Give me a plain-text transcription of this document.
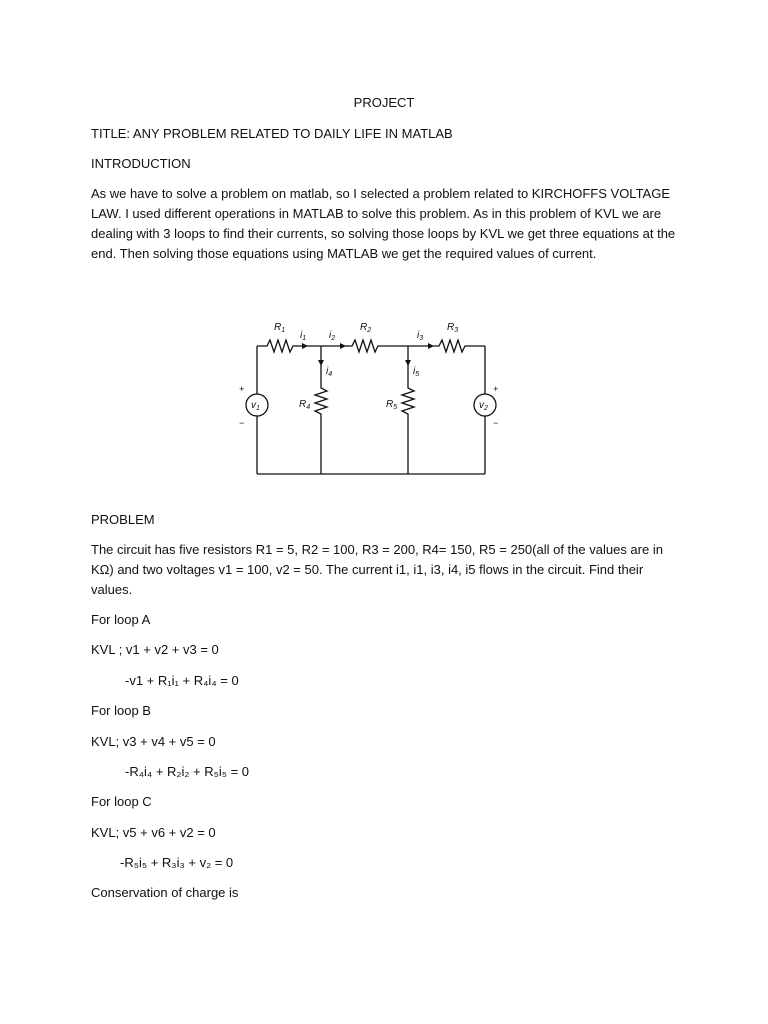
PROJECT
TITLE: ANY PROBLEM RELATED TO DAILY LIFE IN MATLAB
INTRODUCTION
As we have to solve a problem on matlab, so I selected a problem related to KIRCHOFFS VOLTAGE LAW. I used different operations in MATLAB to solve this problem. As in this problem of KVL we are dealing with 3 loops to find their currents, so solving those loops by KVL we get three equations at the end. Then solving those equations using MATLAB we get the required values of current.
$R_1$	$R_2$	$R_3$
$R_4$	$R_5$
$i_1$ $i_2$	$i_3$
$i_4$	$i_5$
$v_1$	$v_2$
+
−
+
−
PROBLEM
The circuit has five resistors R1 = 5, R2 = 100, R3 = 200, R4= 150, R5 = 250(all of the values are in KΩ) and two voltages v1 = 100, v2 = 50. The current i1, i1, i3, i4, i5 flows in the circuit. Find their values.
For loop A
KVL ; v1 + v2 + v3 = 0
-v1 + R₁i₁ + R₄i₄ = 0
For loop B
KVL; v3 + v4 + v5 = 0
-R₄i₄ + R₂i₂ + R₅i₅ = 0
For loop C
KVL; v5 + v6 + v2 = 0
-R₅i₅ + R₃i₃ + v₂ = 0
Conservation of charge is
